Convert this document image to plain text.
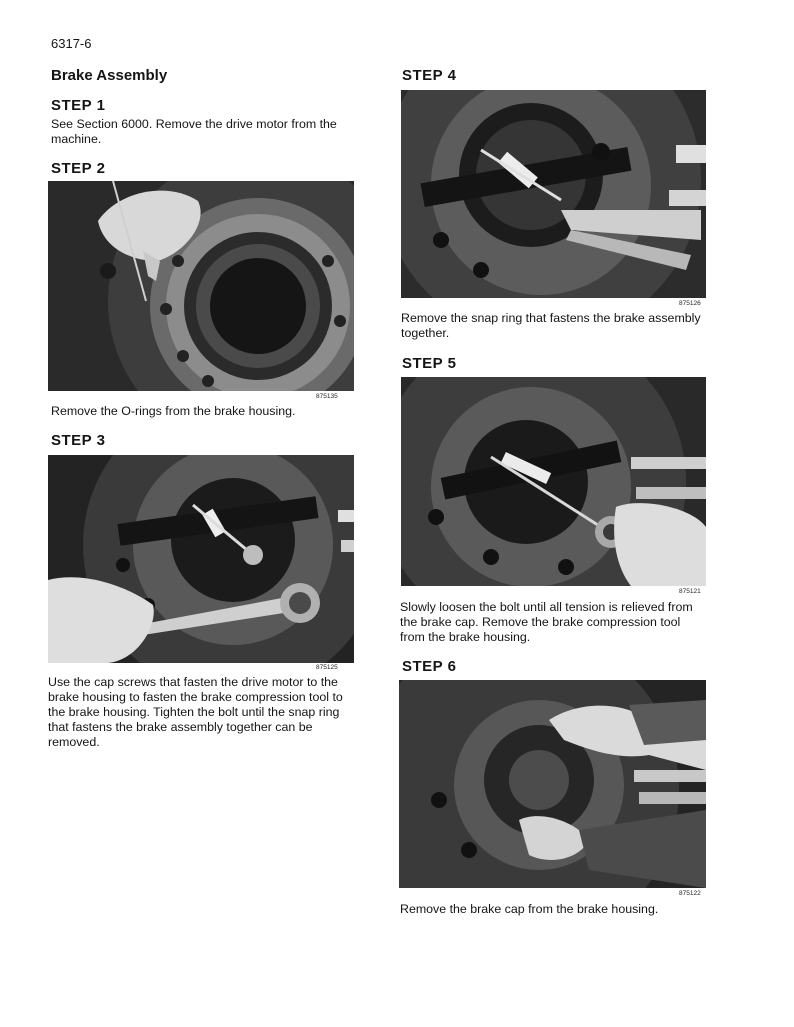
6317-6
Brake Assembly
STEP 1
See Section 6000. Remove the drive motor from the machine.
STEP 2
875135
Remove the O-rings from the brake housing.
STEP 3
875125
Use the cap screws that fasten the drive motor to the brake housing to fasten the brake compression tool to the brake housing. Tighten the bolt until the snap ring that fastens the brake assembly together can be removed.
STEP 4
875126
Remove the snap ring that fastens the brake assembly together.
STEP 5
875121
Slowly loosen the bolt until all tension is relieved from the brake cap. Remove the brake compression tool from the brake housing.
STEP 6
875122
Remove the brake cap from the brake housing.
